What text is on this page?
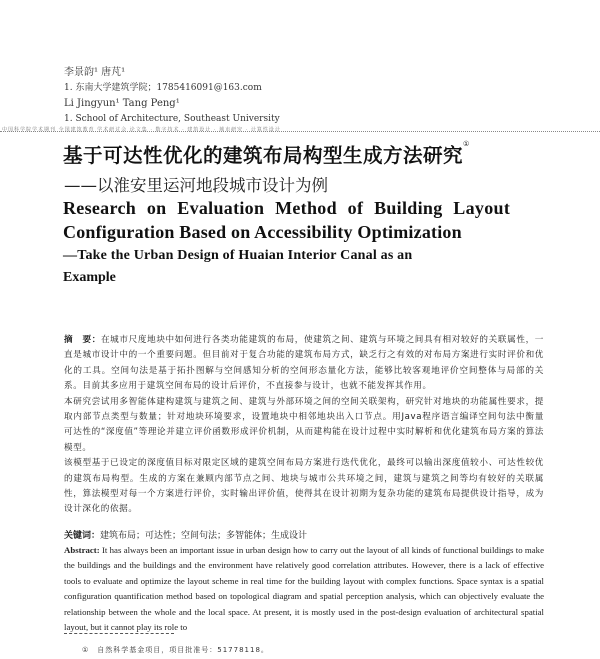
李景韵¹ 唐芃¹
1. 东南大学建筑学院；1785416091@163.com
Li Jingyun¹ Tang Peng¹
1. School of Architecture, Southeast University
中国科学院学术期刊 全国建筑教育 学术研讨会 论文集 · 数字技术 · 建筑设计 · 城市研究 · 计算性设计
基于可达性优化的建筑布局构型生成方法研究①
——以淮安里运河地段城市设计为例
Research on Evaluation Method of Building Layout
Configuration Based on Accessibility Optimization
—Take the Urban Design of Huaian Interior Canal as an
Example

摘　要：在城市尺度地块中如何进行各类功能建筑的布局，使建筑之间、建筑与环境之间具有相对较好的关联属性，一直是城市设计中的一个重要问题。但目前对于复合功能的建筑布局方式，缺乏行之有效的对布局方案进行实时评价和优化的工具。空间句法是基于拓扑图解与空间感知分析的空间形态量化方法，能够比较客观地评价空间整体与局部的关系。目前其多应用于建筑空间布局的设计后评价，不直接参与设计，也就不能发挥其作用。

本研究尝试用多智能体建构建筑与建筑之间、建筑与外部环境之间的空间关联架构，研究针对地块的功能属性要求，提取内部节点类型与数量；针对地块环境要求，设置地块中相邻地块出入口节点。用Java程序语言编译空间句法中衡量可达性的“深度值”等理论并建立评价函数形成评价机制，从而建构能在设计过程中实时解析和优化建筑布局方案的算法模型。

该模型基于已设定的深度值目标对限定区域的建筑空间布局方案进行迭代优化，最终可以输出深度值较小、可达性较优的建筑布局构型。生成的方案在兼顾内部节点之间、地块与城市公共环境之间，建筑与建筑之间等均有较好的关联属性，算法模型对每一个方案进行评价，实时输出评价值，使得其在设计初期为复杂功能的建筑布局提供设计指导，成为设计深化的依据。

关键词：建筑布局；可达性；空间句法；多智能体；生成设计

Abstract: It has always been an important issue in urban design how to carry out the layout of all kinds of functional buildings to make the buildings and the buildings and the environment have relatively good correlation attributes. However, there is a lack of effective tools to evaluate and optimize the layout scheme in real time for the building layout with complex functions. Space syntax is a spatial configuration quantification method based on topological diagram and spatial perception analysis, which can objectively evaluate the relationship between the whole and the local space. At present, it is mostly used in the post-design evaluation of architectural spatial layout, but it cannot play its role to

①　自然科学基金项目，项目批准号：51778118。
